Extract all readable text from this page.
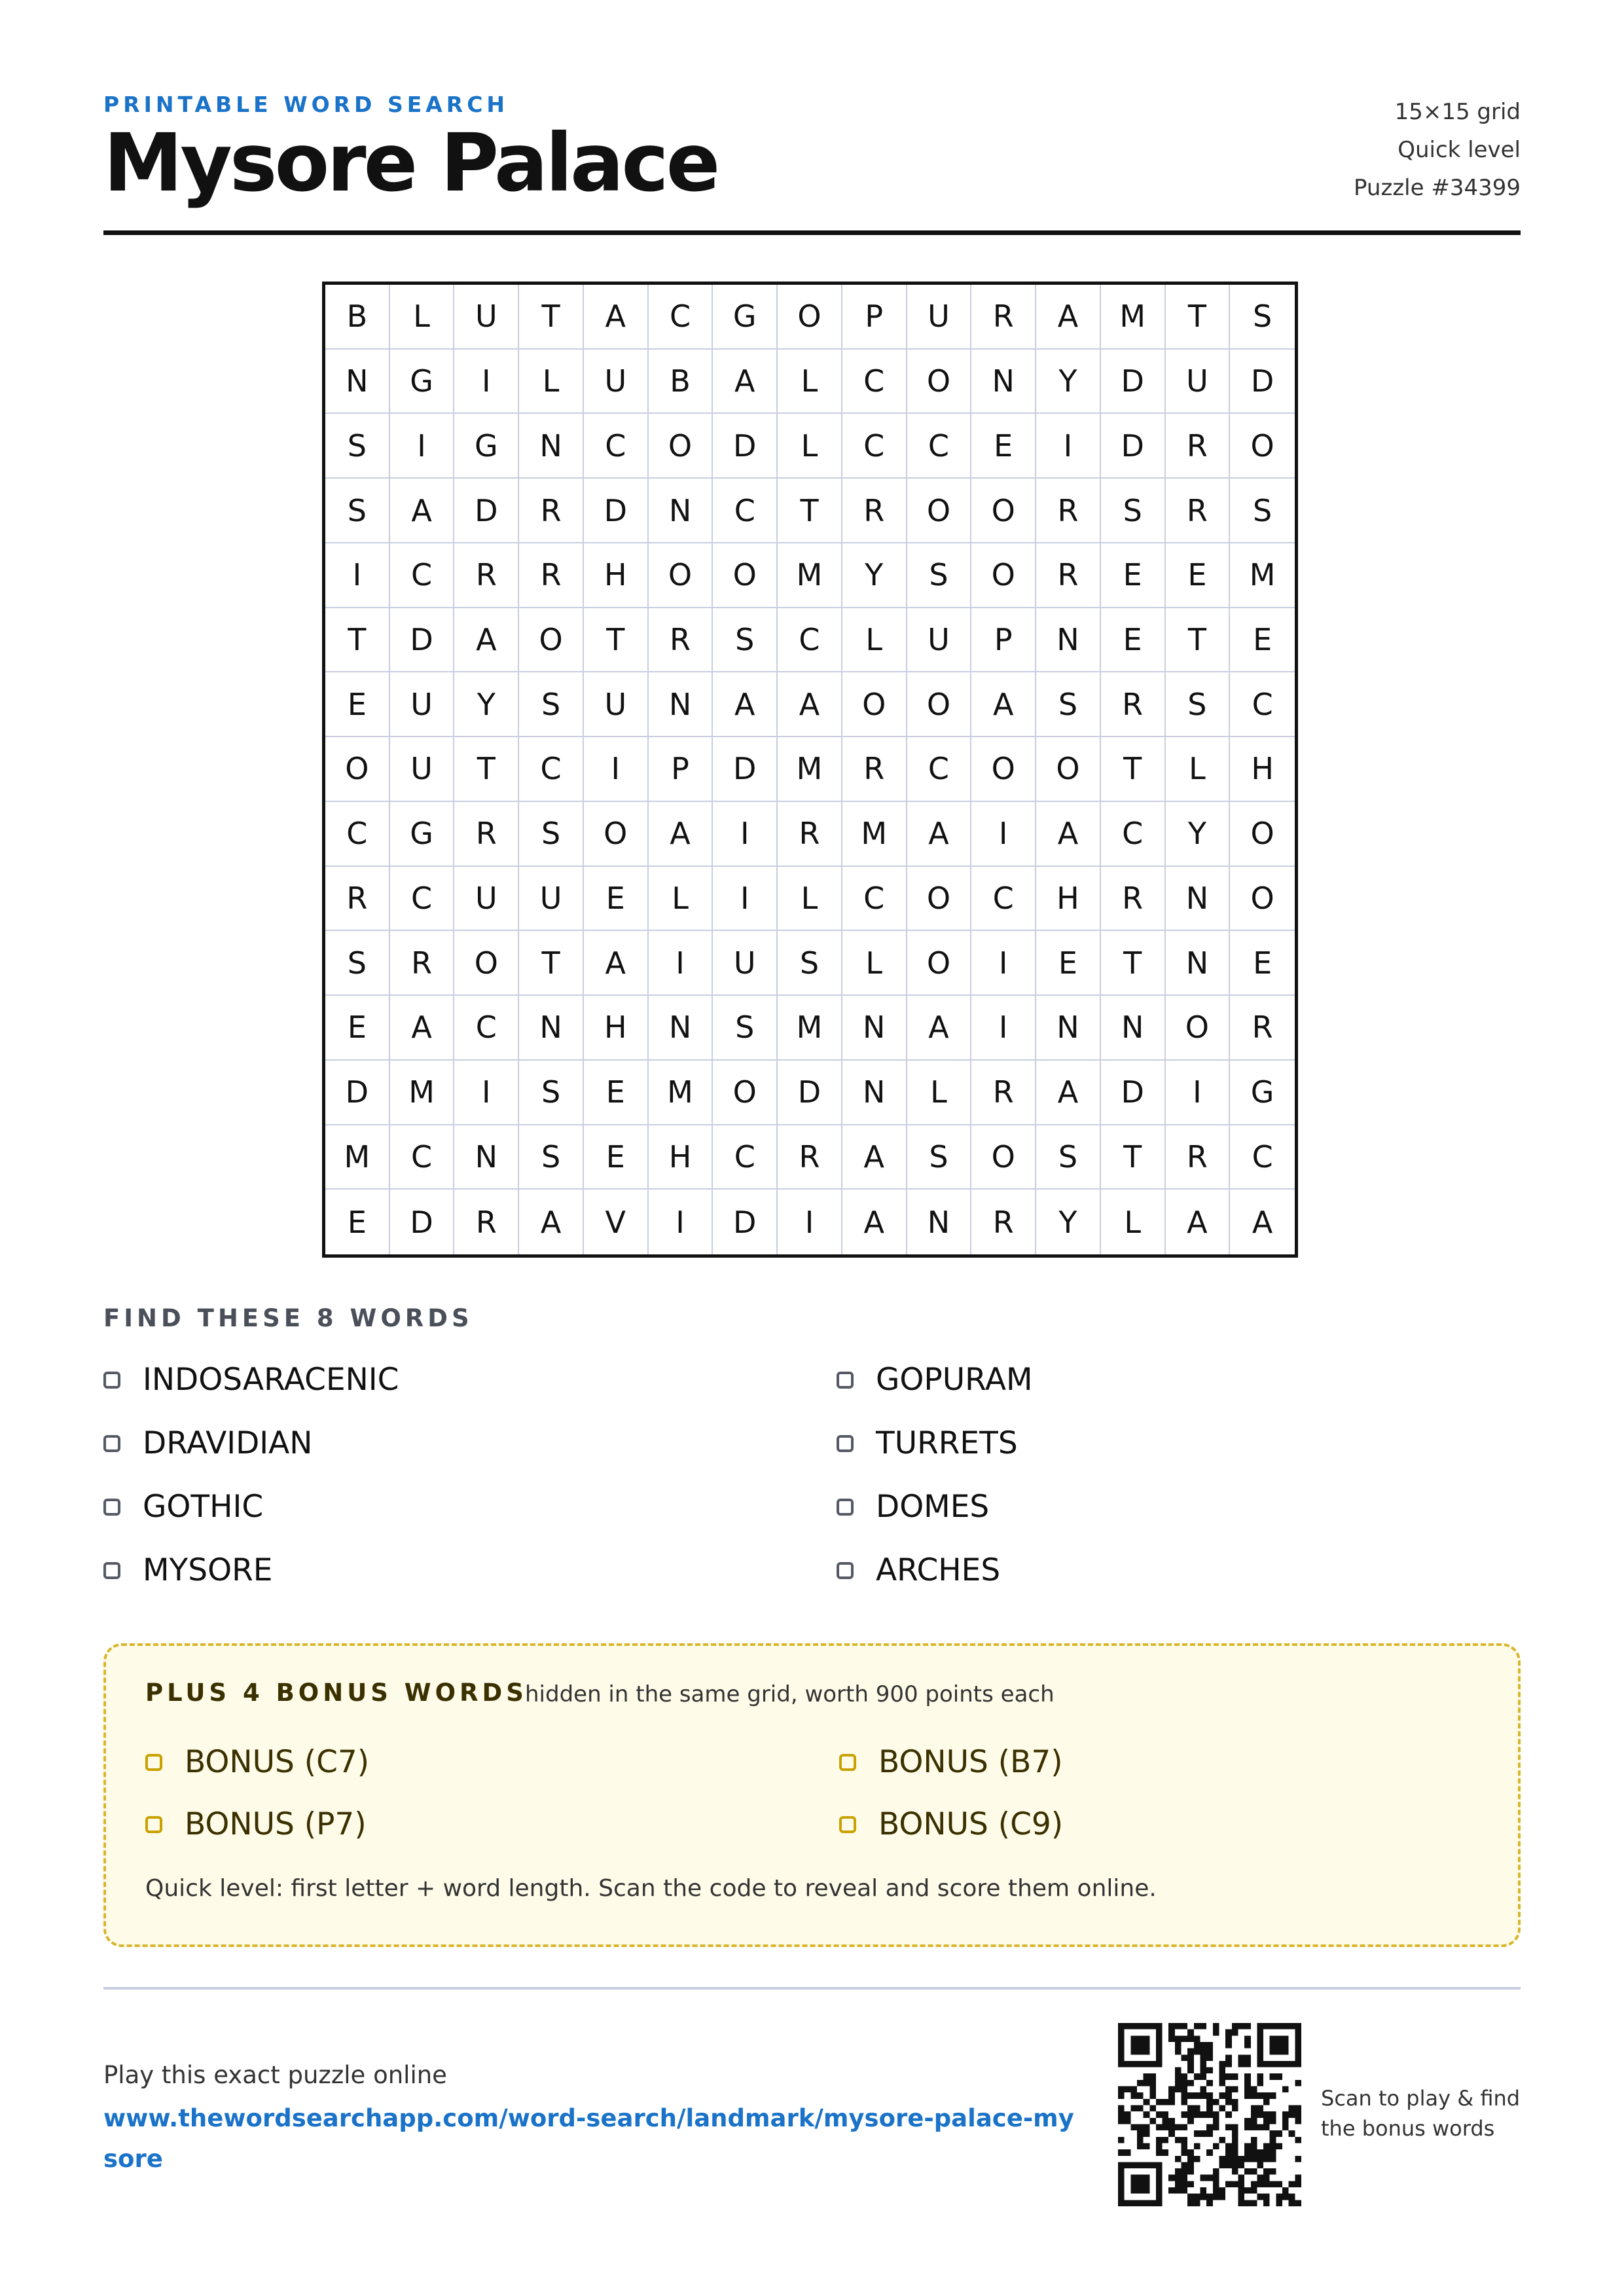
PRINTABLE WORD SEARCH
Mysore Palace
15×15 grid
Quick level
Puzzle #34399
B	L	U	T	A	C	G	O	P	U	R	A	M	T	S
N	G	I	L	U	B	A	L	C	O	N	Y	D	U	D
S	I	G	N	C	O	D	L	C	C	E	I	D	R	O
S	A	D	R	D	N	C	T	R	O	O	R	S	R	S
I	C	R	R	H	O	O	M	Y	S	O	R	E	E	M
T	D	A	O	T	R	S	C	L	U	P	N	E	T	E
E	U	Y	S	U	N	A	A	O	O	A	S	R	S	C
O	U	T	C	I	P	D	M	R	C	O	O	T	L	H
C	G	R	S	O	A	I	R	M	A	I	A	C	Y	O
R	C	U	U	E	L	I	L	C	O	C	H	R	N	O
S	R	O	T	A	I	U	S	L	O	I	E	T	N	E
E	A	C	N	H	N	S	M	N	A	I	N	N	O	R
D	M	I	S	E	M	O	D	N	L	R	A	D	I	G
M	C	N	S	E	H	C	R	A	S	O	S	T	R	C
E	D	R	A	V	I	D	I	A	N	R	Y	L	A	A
FIND THESE 8 WORDS
INDOSARACENIC	GOPURAM
DRAVIDIAN	TURRETS
GOTHIC	DOMES
MYSORE	ARCHES
PLUS 4 BONUS WORDS
hidden in the same grid, worth 900 points each
BONUS (C7)	BONUS (B7)
BONUS (P7)	BONUS (C9)
Quick level: first letter + word length. Scan the code to reveal and score them online.
Play this exact puzzle online
www.thewordsearchapp.com/word-search/landmark/mysore-palace-mysore
Scan to play & find
the bonus words
